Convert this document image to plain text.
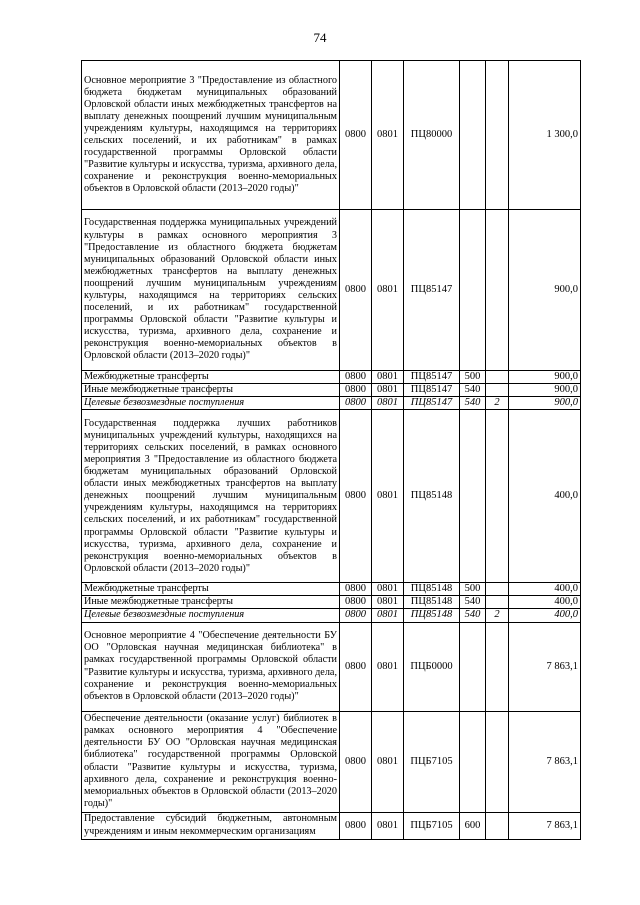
74
Основное мероприятие 3 "Предоставление из областного бюджета бюджетам муниципальных образований Орловской области иных межбюджетных трансфертов на выплату денежных поощрений лучшим муниципальным учреждениям культуры, находящимся на территориях сельских поселений, и их работникам" в рамках государственной программы Орловской области "Развитие культуры и искусства, туризма, архивного дела, сохранение и реконструкция военно-мемориальных объектов в Орловской области (2013–2020 годы)"	0800	0801	ПЦ80000			1 300,0
Государственная поддержка муниципальных учреждений культуры в рамках основного мероприятия 3 "Предоставление из областного бюджета бюджетам муниципальных образований Орловской области иных межбюджетных трансфертов на выплату денежных поощрений лучшим муниципальным учреждениям культуры, находящимся на территориях сельских поселений, и их работникам" государственной программы Орловской области "Развитие культуры и искусства, туризма, архивного дела, сохранение и реконструкция военно-мемориальных объектов в Орловской области (2013–2020 годы)"	0800	0801	ПЦ85147			900,0
Межбюджетные трансферты	0800	0801	ПЦ85147	500		900,0
Иные межбюджетные трансферты	0800	0801	ПЦ85147	540		900,0
Целевые безвозмездные поступления	0800	0801	ПЦ85147	540	2	900,0
Государственная поддержка лучших работников муниципальных учреждений культуры, находящихся на территориях сельских поселений, в рамках основного мероприятия 3 "Предоставление из областного бюджета бюджетам муниципальных образований Орловской области иных межбюджетных трансфертов на выплату денежных поощрений лучшим муниципальным учреждениям культуры, находящимся на территориях сельских поселений, и их работникам" государственной программы Орловской области "Развитие культуры и искусства, туризма, архивного дела, сохранение и реконструкция военно-мемориальных объектов в Орловской области (2013–2020 годы)"	0800	0801	ПЦ85148			400,0
Межбюджетные трансферты	0800	0801	ПЦ85148	500		400,0
Иные межбюджетные трансферты	0800	0801	ПЦ85148	540		400,0
Целевые безвозмездные поступления	0800	0801	ПЦ85148	540	2	400,0
Основное мероприятие 4 "Обеспечение деятельности БУ ОО "Орловская научная медицинская библиотека" в рамках государственной программы Орловской области "Развитие культуры и искусства, туризма, архивного дела, сохранение и реконструкция военно-мемориальных объектов в Орловской области (2013–2020 годы)"	0800	0801	ПЦБ0000			7 863,1
Обеспечение деятельности (оказание услуг) библиотек в рамках основного мероприятия 4 "Обеспечение деятельности БУ ОО "Орловская научная медицинская библиотека" государственной программы Орловской области "Развитие культуры и искусства, туризма, архивного дела, сохранение и реконструкция военно-мемориальных объектов в Орловской области (2013–2020 годы)"	0800	0801	ПЦБ7105			7 863,1
Предоставление субсидий бюджетным, автономным учреждениям и иным некоммерческим организациям	0800	0801	ПЦБ7105	600		7 863,1
